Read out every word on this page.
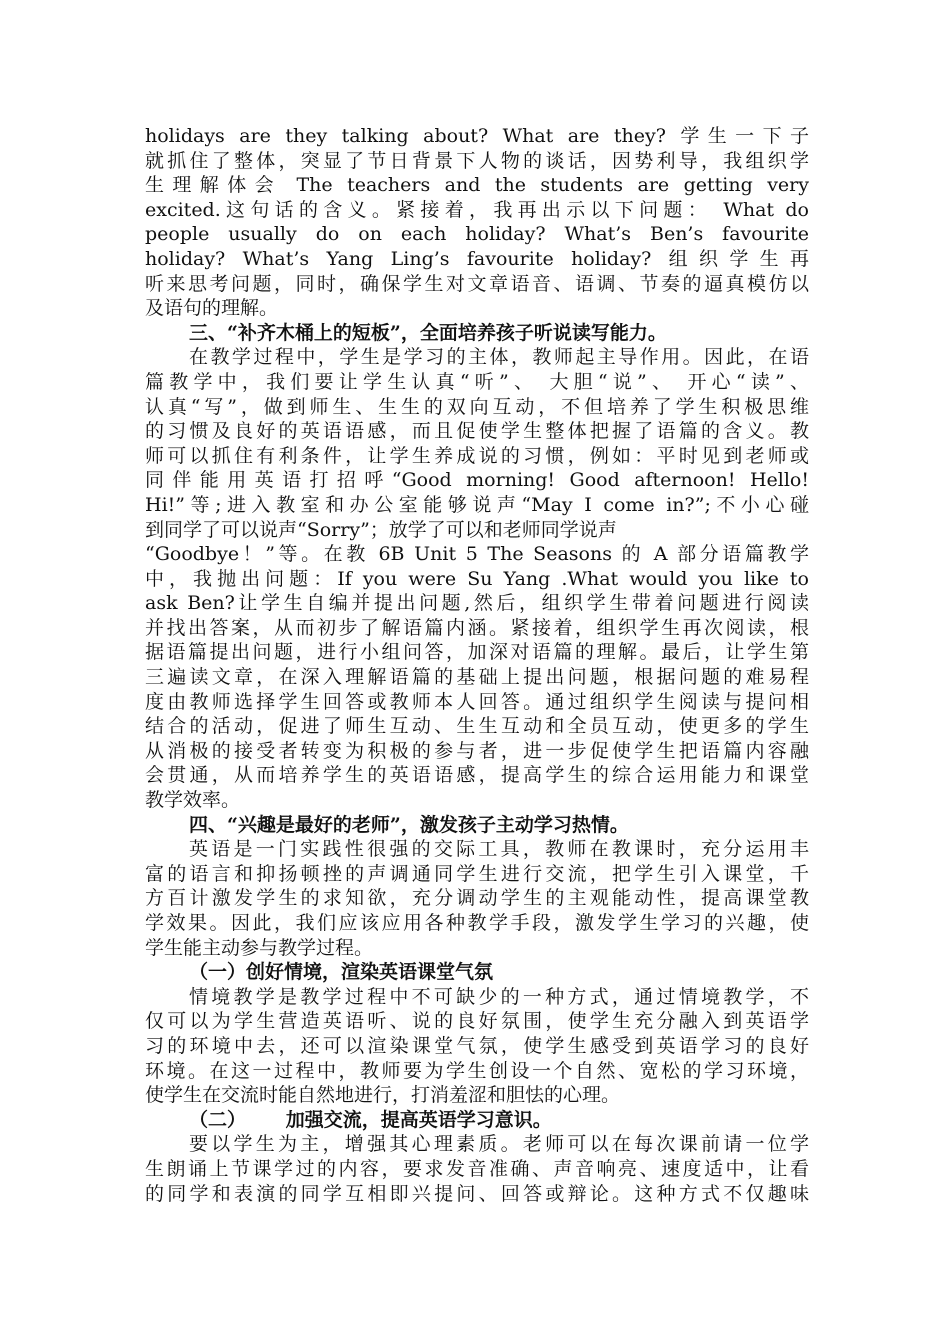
holidays are they talking about? What are they? 学生一下子
就抓住了整体，突显了节日背景下人物的谈话，因势利导，我组织学
生理解体会 The teachers and the students are getting very
excited.这句话的含义。紧接着，我再出示以下问题： What do
people usually do on each holiday? What’s Ben’s favourite
holiday? What’s Yang Ling’s favourite holiday? 组织学生再
听来思考问题，同时，确保学生对文章语音、语调、节奏的逼真模仿以
及语句的理解。
三、“补齐木桶上的短板”，全面培养孩子听说读写能力。
在教学过程中，学生是学习的主体，教师起主导作用。因此，在语
篇教学中，我们要让学生认真“听”、 大胆“说”、 开心“读”、
认真“写”，做到师生、生生的双向互动，不但培养了学生积极思维
的习惯及良好的英语语感，而且促使学生整体把握了语篇的含义。教
师可以抓住有利条件，让学生养成说的习惯，例如：平时见到老师或
同伴能用英语打招呼“Good morning! Good afternoon! Hello!
Hi!”等;进入教室和办公室能够说声“May I come in?”;不小心碰
到同学了可以说声“Sorry”；放学了可以和老师同学说声
“Goodbye！”等。在教 6B Unit 5 The Seasons 的 A 部分语篇教学
中，我抛出问题：If you were Su Yang .What would you like to
ask Ben?让学生自编并提出问题,然后，组织学生带着问题进行阅读
并找出答案，从而初步了解语篇内涵。紧接着，组织学生再次阅读，根
据语篇提出问题，进行小组问答，加深对语篇的理解。最后，让学生第
三遍读文章，在深入理解语篇的基础上提出问题，根据问题的难易程
度由教师选择学生回答或教师本人回答。通过组织学生阅读与提问相
结合的活动，促进了师生互动、生生互动和全员互动，使更多的学生
从消极的接受者转变为积极的参与者，进一步促使学生把语篇内容融
会贯通，从而培养学生的英语语感，提高学生的综合运用能力和课堂
教学效率。
四、“兴趣是最好的老师”，激发孩子主动学习热情。
英语是一门实践性很强的交际工具，教师在教课时，充分运用丰
富的语言和抑扬顿挫的声调通同学生进行交流，把学生引入课堂，千
方百计激发学生的求知欲，充分调动学生的主观能动性，提高课堂教
学效果。因此，我们应该应用各种教学手段，激发学生学习的兴趣，使
学生能主动参与教学过程。
（一）创好情境，渲染英语课堂气氛
情境教学是教学过程中不可缺少的一种方式，通过情境教学，不
仅可以为学生营造英语听、说的良好氛围，使学生充分融入到英语学
习的环境中去，还可以渲染课堂气氛，使学生感受到英语学习的良好
环境。在这一过程中，教师要为学生创设一个自然、宽松的学习环境，
使学生在交流时能自然地进行，打消羞涩和胆怯的心理。
（二）      加强交流，提高英语学习意识。
要以学生为主，增强其心理素质。老师可以在每次课前请一位学
生朗诵上节课学过的内容，要求发音准确、声音响亮、速度适中，让看
的同学和表演的同学互相即兴提问、回答或辩论。这种方式不仅趣味
